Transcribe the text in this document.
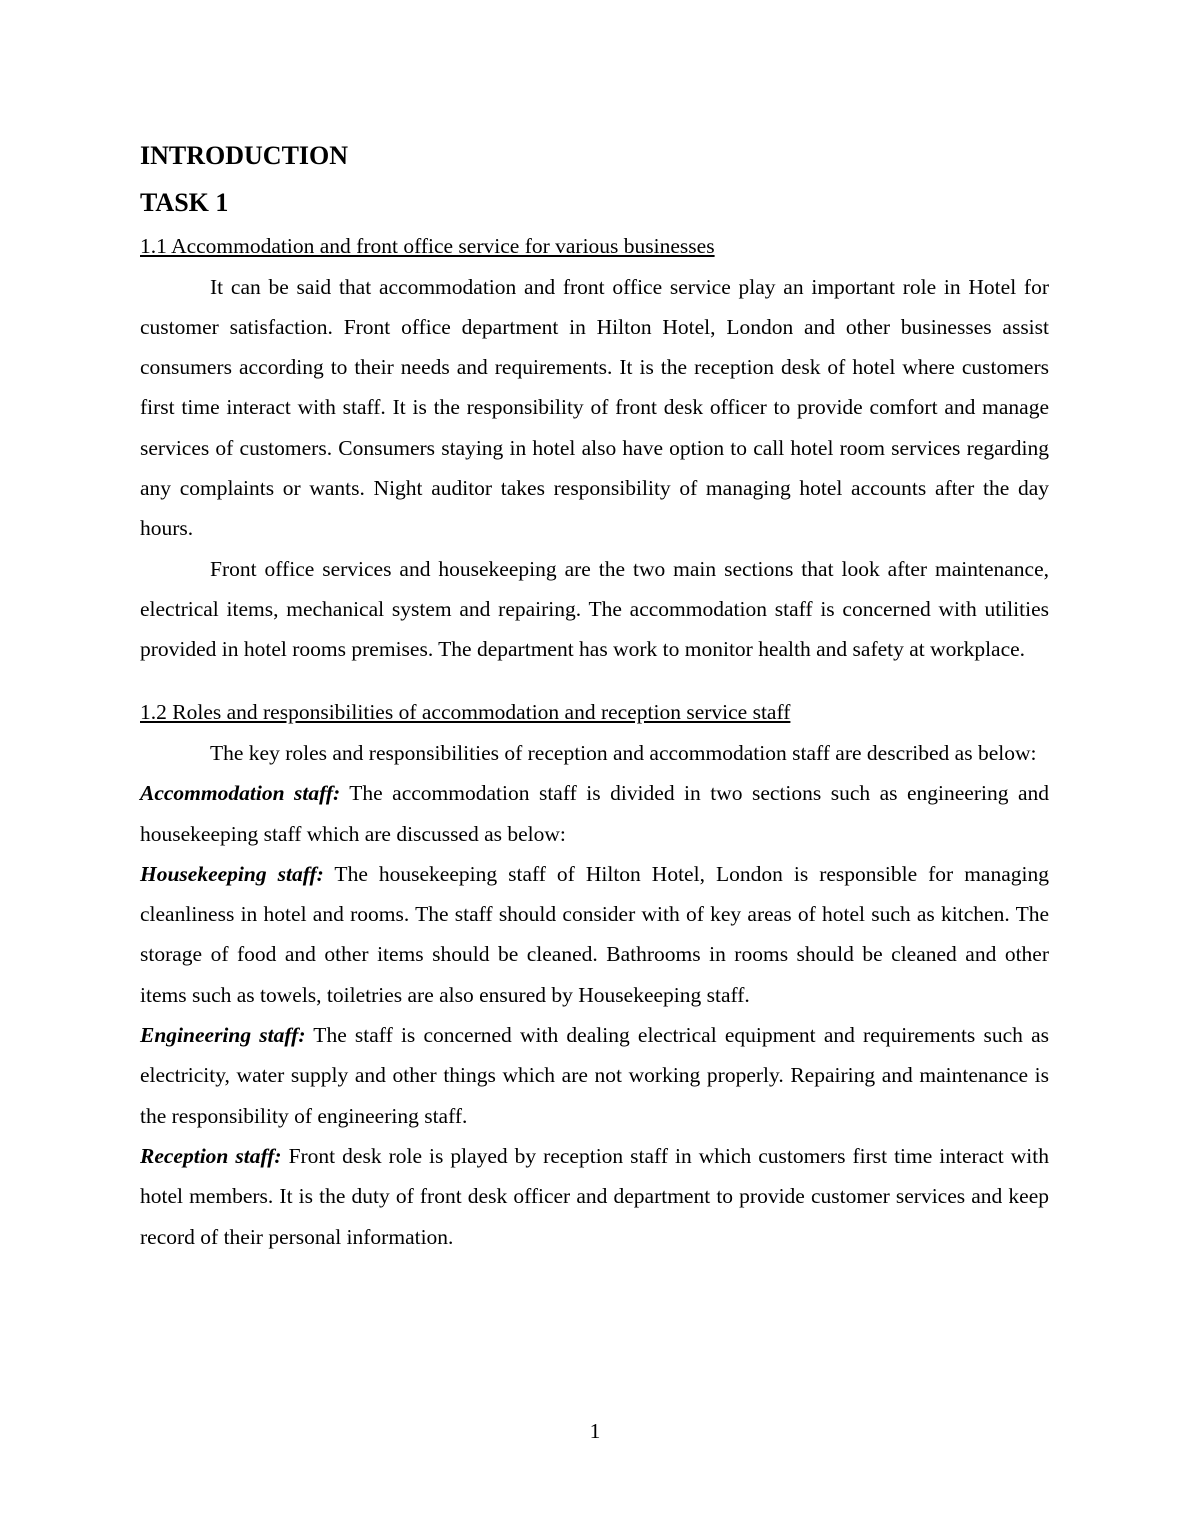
INTRODUCTION
TASK 1
1.1 Accommodation and front office service for various businesses

It can be said that accommodation and front office service play an important role in Hotel for customer satisfaction. Front office department in Hilton Hotel, London and other businesses assist consumers according to their needs and requirements. It is the reception desk of hotel where customers first time interact with staff. It is the responsibility of front desk officer to provide comfort and manage services of customers. Consumers staying in hotel also have option to call hotel room services regarding any complaints or wants. Night auditor takes responsibility of managing hotel accounts after the day hours.

Front office services and housekeeping are the two main sections that look after maintenance, electrical items, mechanical system and repairing. The accommodation staff is concerned with utilities provided in hotel rooms premises. The department has work to monitor health and safety at workplace.

1.2 Roles and responsibilities of accommodation and reception service staff

The key roles and responsibilities of reception and accommodation staff are described as below:

Accommodation staff: The accommodation staff is divided in two sections such as engineering and housekeeping staff which are discussed as below:

Housekeeping staff: The housekeeping staff of Hilton Hotel, London is responsible for managing cleanliness in hotel and rooms. The staff should consider with of key areas of hotel such as kitchen. The storage of food and other items should be cleaned. Bathrooms in rooms should be cleaned and other items such as towels, toiletries are also ensured by Housekeeping staff.

Engineering staff: The staff is concerned with dealing electrical equipment and requirements such as electricity, water supply and other things which are not working properly. Repairing and maintenance is the responsibility of engineering staff.

Reception staff: Front desk role is played by reception staff in which customers first time interact with hotel members. It is the duty of front desk officer and department to provide customer services and keep record of their personal information.

1
